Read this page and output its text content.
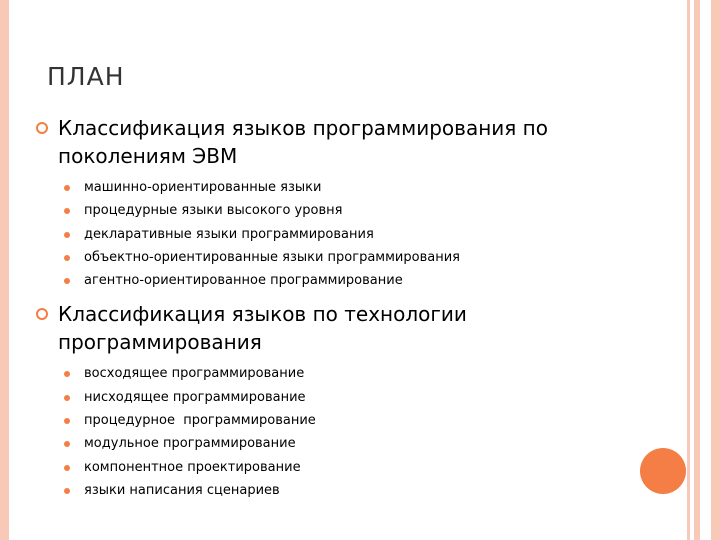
ПЛАН

Классификация языков программирования по поколениям ЭВМ

машинно-ориентированные языки
процедурные языки высокого уровня
декларативные языки программирования
объектно-ориентированные языки программирования
агентно-ориентированное программирование

Классификация языков по технологии программирования

восходящее программирование
нисходящее программирование
процедурное  программирование
модульное программирование
компонентное проектирование
языки написания сценариев
